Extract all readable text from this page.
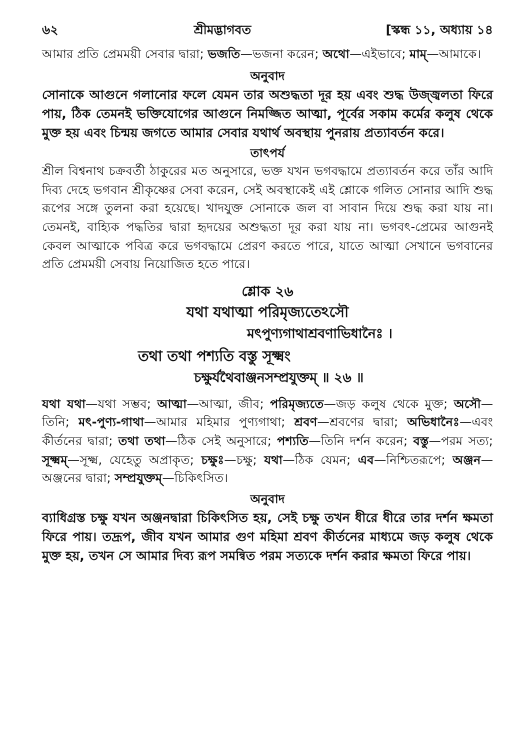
৬২	শ্রীমদ্ভাগবত	[স্কন্ধ ১১, অধ্যায় ১৪

আমার প্রতি প্রেমময়ী সেবার দ্বারা; ভজতি—ভজনা করেন; অথো—এইভাবে; মাম্—আমাকে।

অনুবাদ

সোনাকে আগুনে গলানোর ফলে যেমন তার অশুদ্ধতা দূর হয় এবং শুদ্ধ উজ্জ্বলতা ফিরে পায়, ঠিক তেমনই ভক্তিযোগের আগুনে নিমজ্জিত আত্মা, পূর্বের সকাম কর্মের কলুষ থেকে মুক্ত হয় এবং চিন্ময় জগতে আমার সেবার যথার্থ অবস্থায় পুনরায় প্রত্যাবর্তন করে।

তাৎপর্য

শ্রীল বিশ্বনাথ চক্রবর্তী ঠাকুরের মত অনুসারে, ভক্ত যখন ভগবদ্ধামে প্রত্যাবর্তন করে তাঁর আদি দিব্য দেহে ভগবান শ্রীকৃষ্ণের সেবা করেন, সেই অবস্থাকেই এই শ্লোকে গলিত সোনার আদি শুদ্ধ রূপের সঙ্গে তুলনা করা হয়েছে। খাদযুক্ত সোনাকে জল বা সাবান দিয়ে শুদ্ধ করা যায় না। তেমনই, বাহ্যিক পদ্ধতির দ্বারা হৃদয়ের অশুদ্ধতা দূর করা যায় না। ভগবৎ-প্রেমের আগুনই কেবল আত্মাকে পবিত্র করে ভগবদ্ধামে প্রেরণ করতে পারে, যাতে আত্মা সেখানে ভগবানের প্রতি প্রেমময়ী সেবায় নিয়োজিত হতে পারে।

শ্লোক ২৬
যথা যথাত্মা পরিমৃজ্যতেঽসৌ
মৎপুণ্যগাথাশ্রবণাভিধানৈঃ ।
তথা তথা পশ্যতি বস্তু সূক্ষ্মং
চক্ষুর্যথৈবাঞ্জনসম্প্রযুক্তম্ ॥ ২৬ ॥

যথা যথা—যথা সম্ভব; আত্মা—আত্মা, জীব; পরিমৃজ্যতে—জড় কলুষ থেকে মুক্ত; অসৌ—তিনি; মৎ-পুণ্য-গাথা—আমার মহিমার পুণ্যগাথা; শ্রবণ—শ্রবণের দ্বারা; অভিধানৈঃ—এবং কীর্তনের দ্বারা; তথা তথা—ঠিক সেই অনুসারে; পশ্যতি—তিনি দর্শন করেন; বস্তু—পরম সত্য; সূক্ষ্মম্—সূক্ষ্ম, যেহেতু অপ্রাকৃত; চক্ষুঃ—চক্ষু; যথা—ঠিক যেমন; এব—নিশ্চিতরূপে; অঞ্জন—অঞ্জনের দ্বারা; সম্প্রযুক্তম্—চিকিৎসিত।

অনুবাদ

ব্যাধিগ্রস্ত চক্ষু যখন অঞ্জনদ্বারা চিকিৎসিত হয়, সেই চক্ষু তখন ধীরে ধীরে তার দর্শন ক্ষমতা ফিরে পায়। তদ্রূপ, জীব যখন আমার গুণ মহিমা শ্রবণ কীর্তনের মাধ্যমে জড় কলুষ থেকে মুক্ত হয়, তখন সে আমার দিব্য রূপ সমন্বিত পরম সত্যকে দর্শন করার ক্ষমতা ফিরে পায়।
